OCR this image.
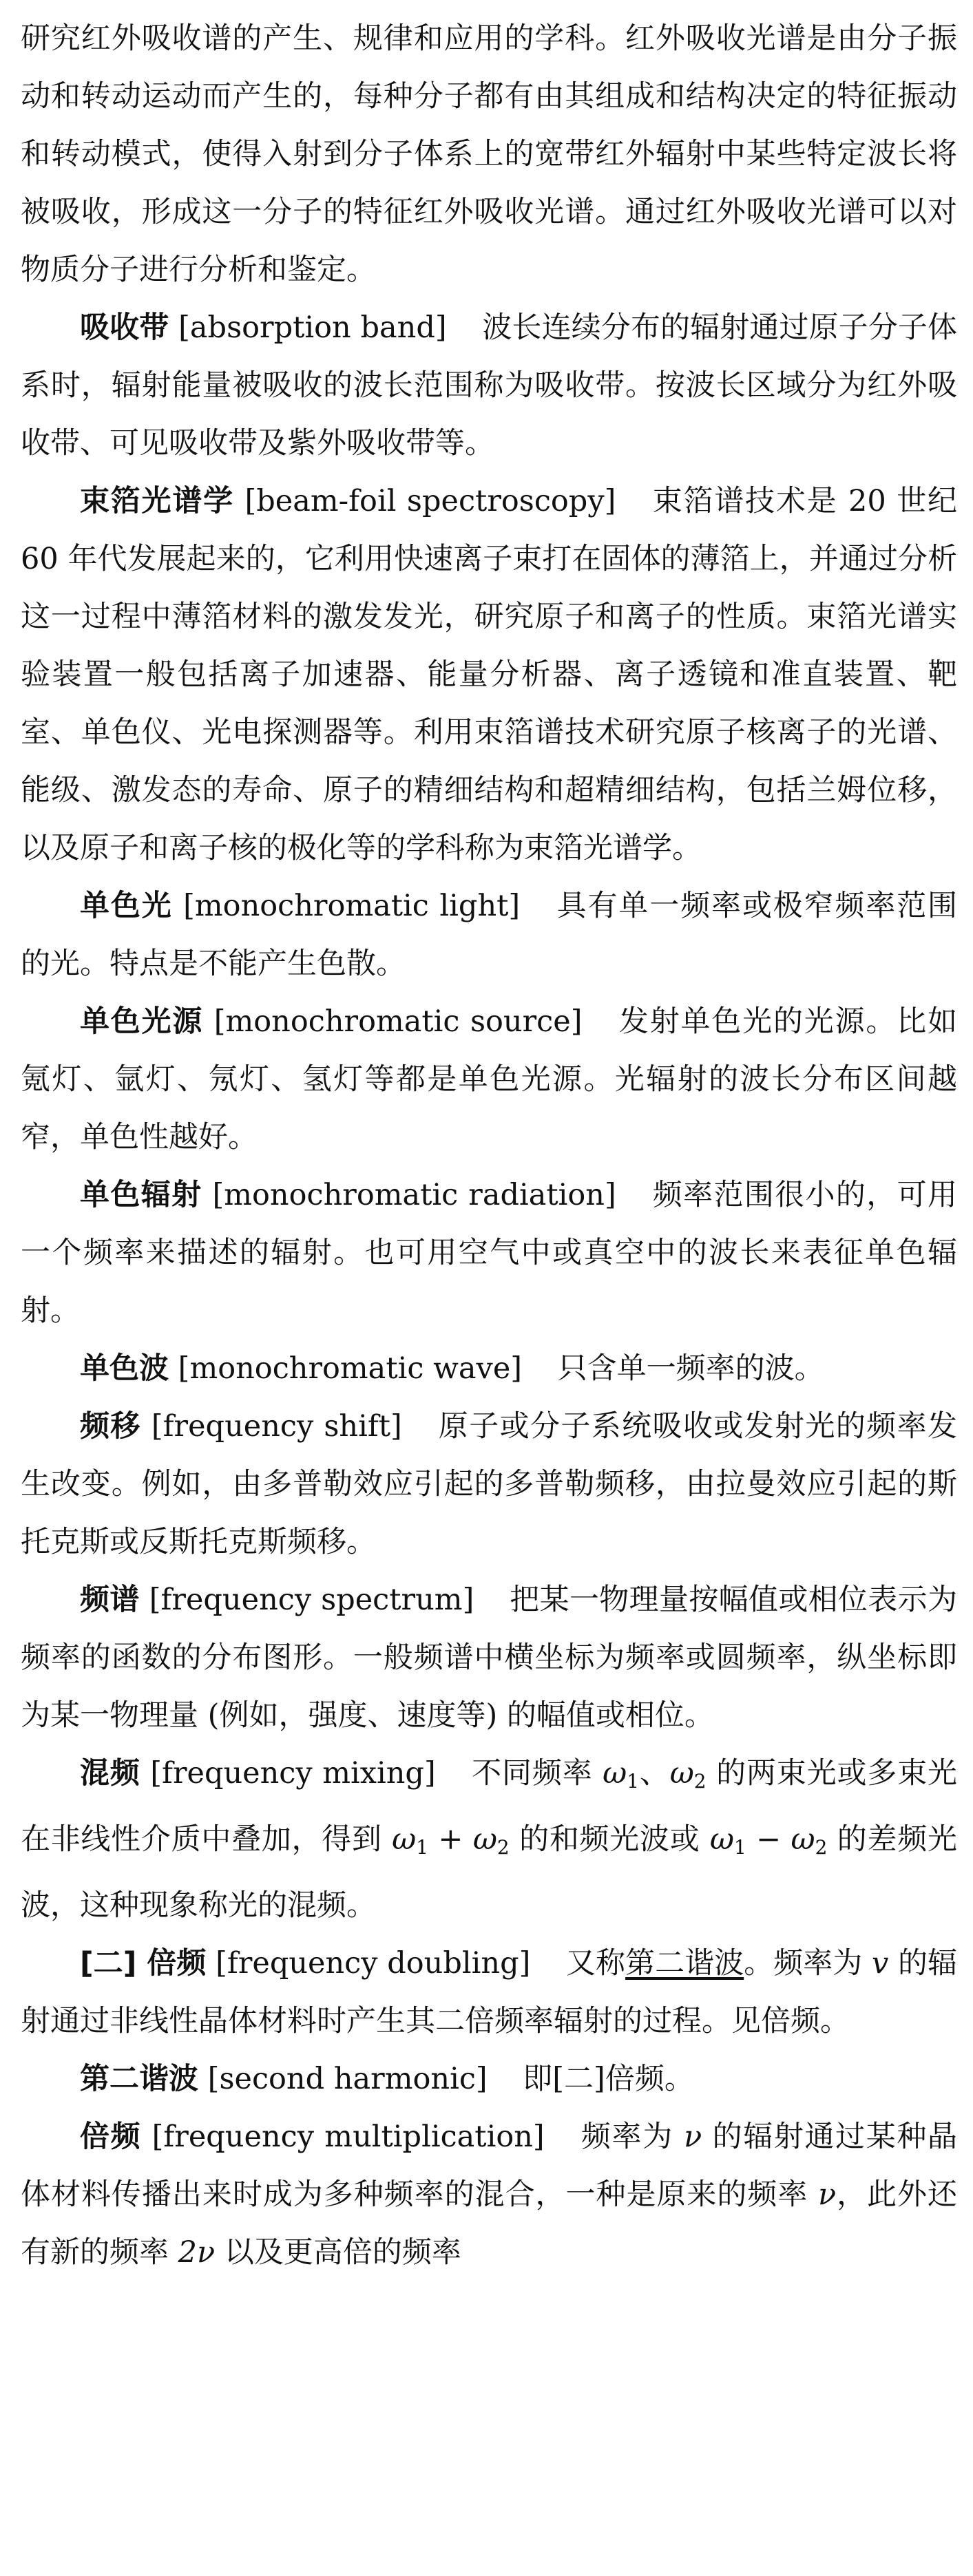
研究红外吸收谱的产生、规律和应用的学科。红外吸收光谱是由分子振动和转动运动而产生的，每种分子都有由其组成和结构决定的特征振动和转动模式，使得入射到分子体系上的宽带红外辐射中某些特定波长将被吸收，形成这一分子的特征红外吸收光谱。通过红外吸收光谱可以对物质分子进行分析和鉴定。

吸收带 [absorption band] 波长连续分布的辐射通过原子分子体系时，辐射能量被吸收的波长范围称为吸收带。按波长区域分为红外吸收带、可见吸收带及紫外吸收带等。

束箔光谱学 [beam-foil spectroscopy] 束箔谱技术是 20 世纪 60 年代发展起来的，它利用快速离子束打在固体的薄箔上，并通过分析这一过程中薄箔材料的激发发光，研究原子和离子的性质。束箔光谱实验装置一般包括离子加速器、能量分析器、离子透镜和准直装置、靶室、单色仪、光电探测器等。利用束箔谱技术研究原子核离子的光谱、能级、激发态的寿命、原子的精细结构和超精细结构，包括兰姆位移，以及原子和离子核的极化等的学科称为束箔光谱学。

单色光 [monochromatic light] 具有单一频率或极窄频率范围的光。特点是不能产生色散。

单色光源 [monochromatic source] 发射单色光的光源。比如氪灯、氩灯、氖灯、氢灯等都是单色光源。光辐射的波长分布区间越窄，单色性越好。

单色辐射 [monochromatic radiation] 频率范围很小的，可用一个频率来描述的辐射。也可用空气中或真空中的波长来表征单色辐射。

单色波 [monochromatic wave] 只含单一频率的波。

频移 [frequency shift] 原子或分子系统吸收或发射光的频率发生改变。例如，由多普勒效应引起的多普勒频移，由拉曼效应引起的斯托克斯或反斯托克斯频移。

频谱 [frequency spectrum] 把某一物理量按幅值或相位表示为频率的函数的分布图形。一般频谱中横坐标为频率或圆频率，纵坐标即为某一物理量 (例如，强度、速度等) 的幅值或相位。

混频 [frequency mixing] 不同频率 $\omega_1$、$\omega_2$ 的两束光或多束光在非线性介质中叠加，得到 $\omega_1 + \omega_2$ 的和频光波或 $\omega_1 - \omega_2$ 的差频光波，这种现象称光的混频。

[二] 倍频 [frequency doubling] 又称第二谐波。频率为 v 的辐射通过非线性晶体材料时产生其二倍频率辐射的过程。见倍频。

第二谐波 [second harmonic] 即[二]倍频。

倍频 [frequency multiplication] 频率为 ν 的辐射通过某种晶体材料传播出来时成为多种频率的混合，一种是原来的频率 ν，此外还有新的频率 2ν 以及更高倍的频率
